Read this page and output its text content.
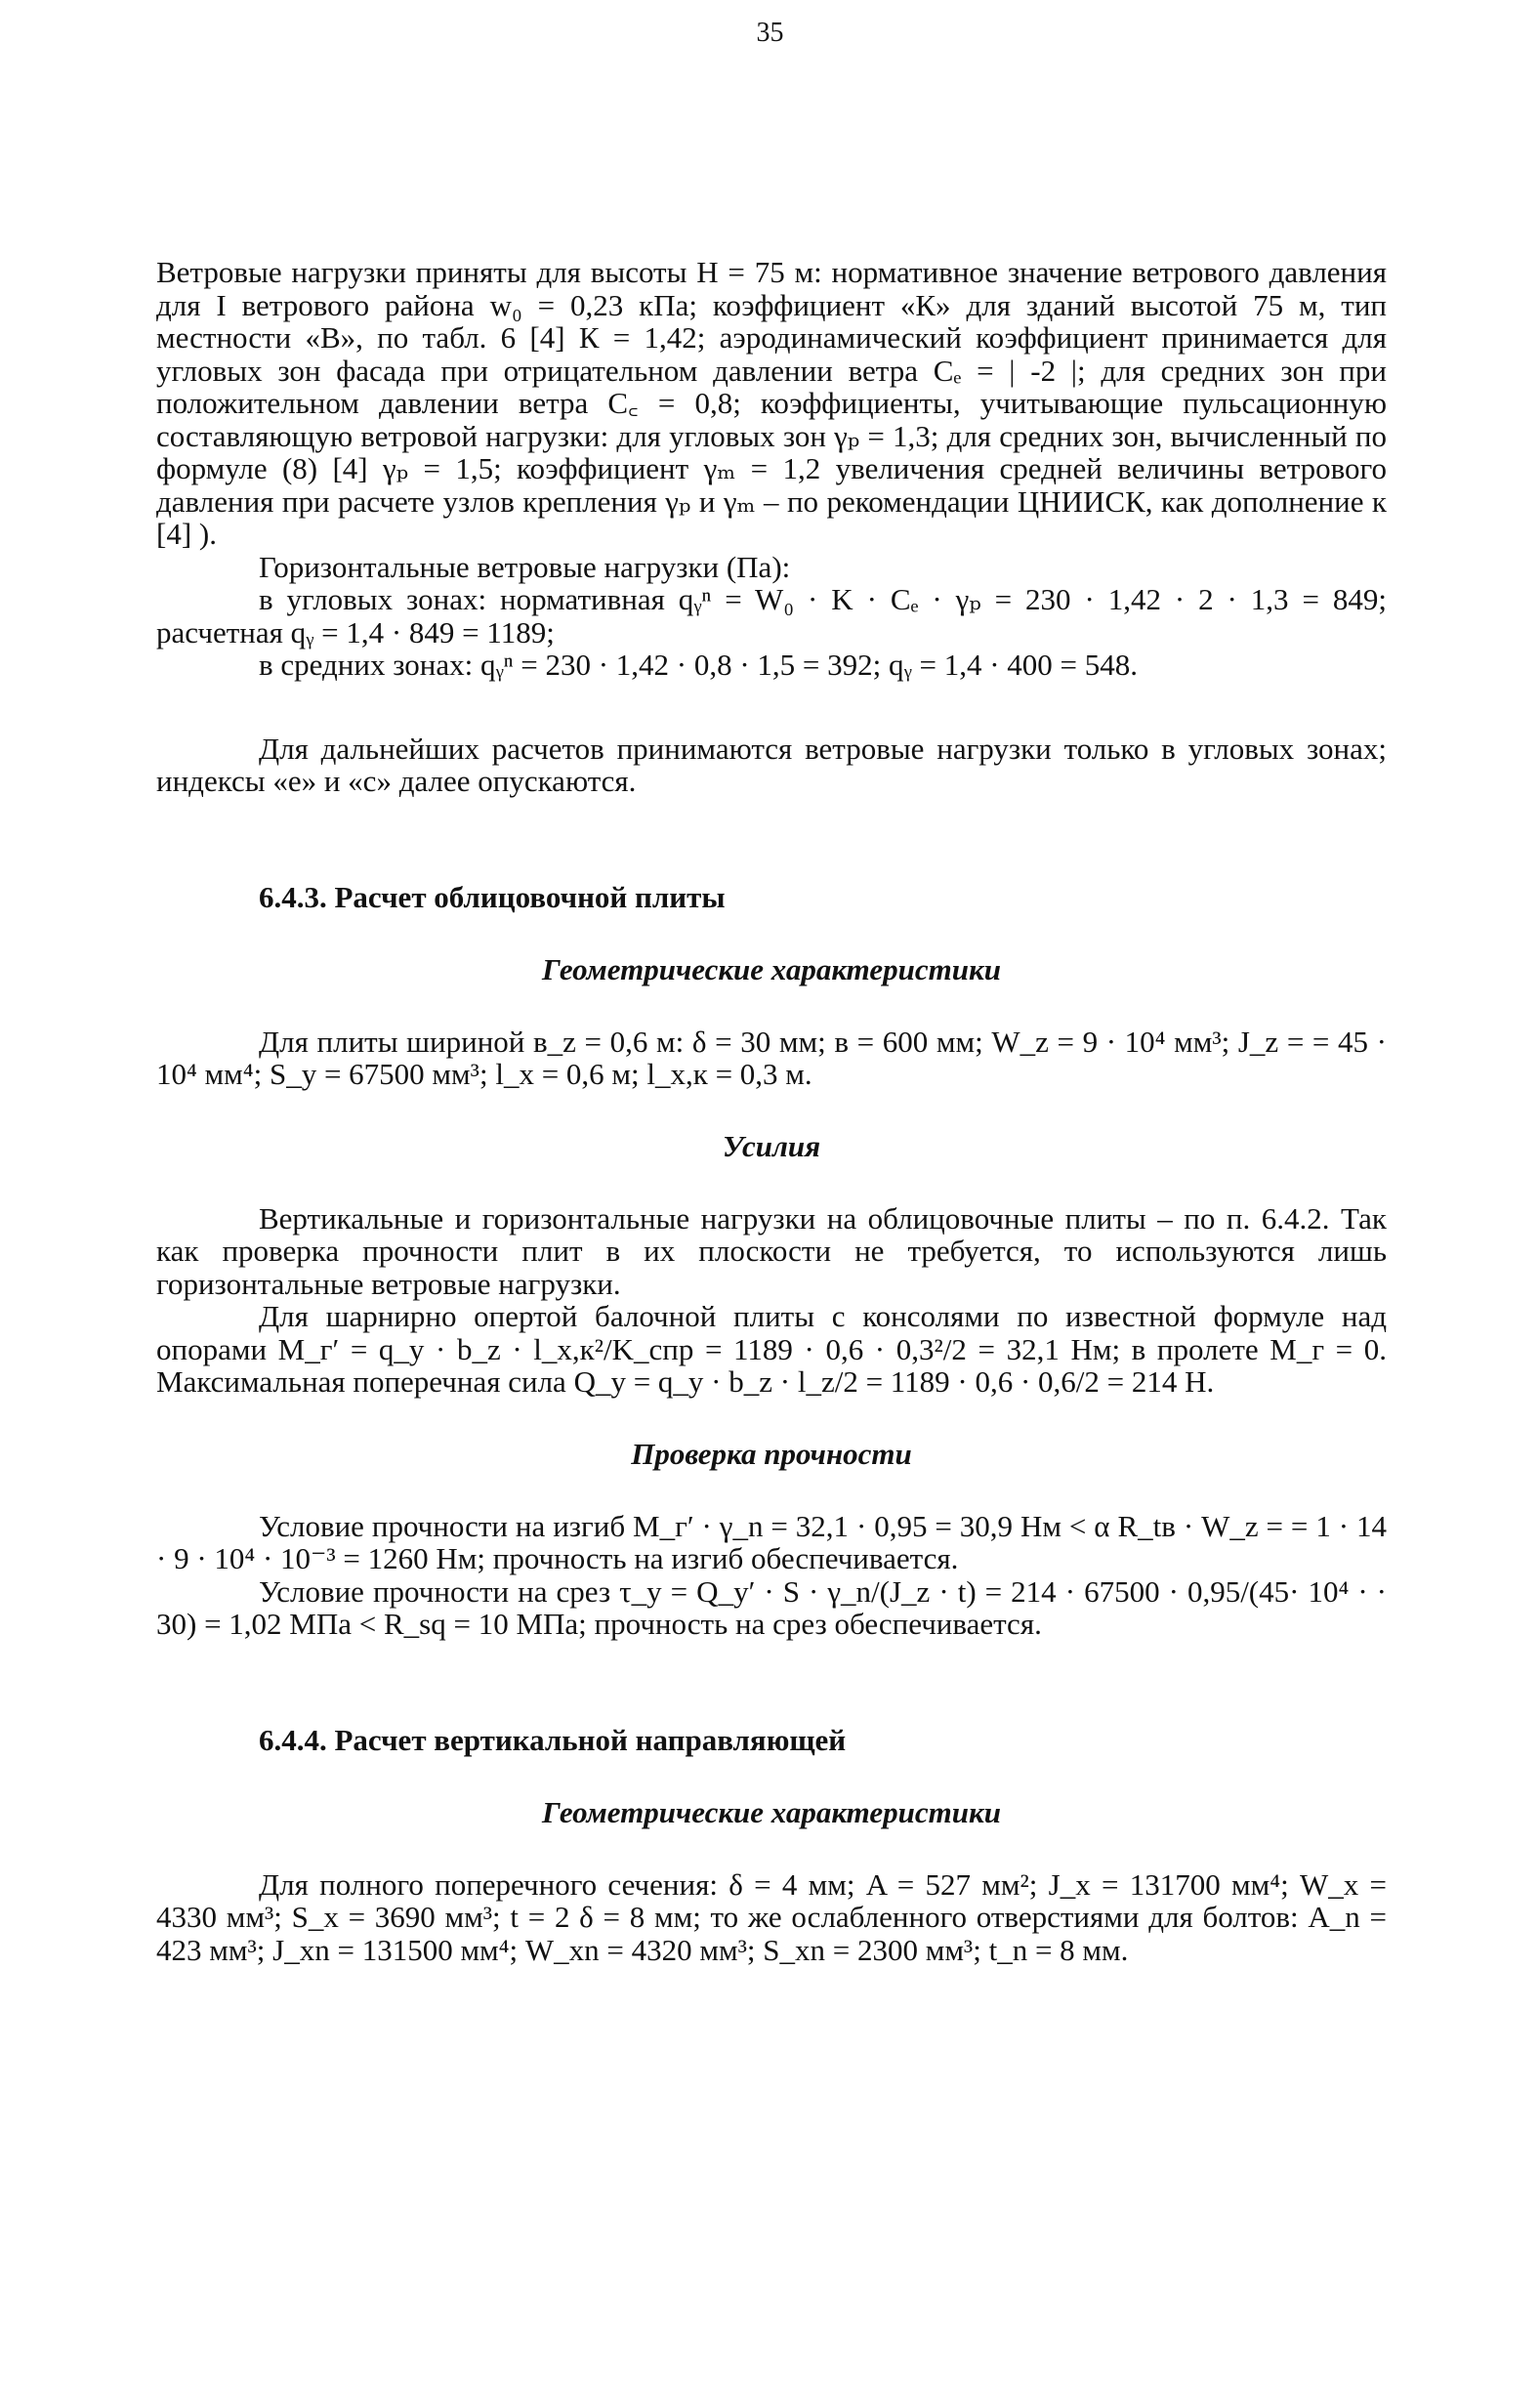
35

Ветровые нагрузки приняты для высоты Н = 75 м: нормативное значение ветрового давления для I ветрового района w₀ = 0,23 кПа; коэффициент «К» для зданий высотой 75 м, тип местности «В», по табл. 6 [4] К = 1,42; аэродинамический коэффициент принимается для угловых зон фасада при отрицательном давлении ветра Cₑ = | -2 |; для средних зон при положительном давлении ветра C꜀ = 0,8; коэффициенты, учитывающие пульсационную составляющую ветровой нагрузки: для угловых зон γₚ = 1,3; для средних зон, вычисленный по формуле (8) [4] γₚ = 1,5; коэффициент γₘ = 1,2 увеличения средней величины ветрового давления при расчете узлов крепления γₚ и γₘ – по рекомендации ЦНИИСК, как дополнение к [4] ).

Горизонтальные ветровые нагрузки (Па):

в угловых зонах: нормативная qᵧⁿ = W₀ · K · Cₑ · γₚ = 230 · 1,42 · 2 · 1,3 = 849; расчетная qᵧ = 1,4 · 849 = 1189;

в средних зонах: qᵧⁿ = 230 · 1,42 · 0,8 · 1,5 = 392; qᵧ = 1,4 · 400 = 548.

Для дальнейших расчетов принимаются ветровые нагрузки только в угловых зонах; индексы «е» и «с» далее опускаются.

6.4.3. Расчет облицовочной плиты
Геометрические характеристики

Для плиты шириной в_z = 0,6 м: δ = 30 мм; в = 600 мм; W_z = 9 · 10⁴ мм³; J_z = = 45 · 10⁴ мм⁴; S_y = 67500 мм³; l_x = 0,6 м; l_x,к = 0,3 м.

Усилия

Вертикальные и горизонтальные нагрузки на облицовочные плиты – по п. 6.4.2. Так как проверка прочности плит в их плоскости не требуется, то используются лишь горизонтальные ветровые нагрузки.

Для шарнирно опертой балочной плиты с консолями по известной формуле над опорами M_г′ = q_y · b_z · l_x,к²/K_спр = 1189 · 0,6 · 0,3²/2 = 32,1 Нм; в пролете M_г = 0. Максимальная поперечная сила Q_y = q_y · b_z · l_z/2 = 1189 · 0,6 · 0,6/2 = 214 Н.

Проверка прочности

Условие прочности на изгиб M_г′ · γ_n = 32,1 · 0,95 = 30,9 Нм < α R_tв · W_z = = 1 · 14 · 9 · 10⁴ · 10⁻³ = 1260 Нм; прочность на изгиб обеспечивается.

Условие прочности на срез τ_y = Q_y′ · S · γ_n/(J_z · t) = 214 · 67500 · 0,95/(45· 10⁴ · · 30) = 1,02 МПа < R_sq = 10 МПа; прочность на срез обеспечивается.

6.4.4. Расчет вертикальной направляющей
Геометрические характеристики

Для полного поперечного сечения: δ = 4 мм; A = 527 мм²; J_x = 131700 мм⁴; W_x = 4330 мм³; S_x = 3690 мм³; t = 2 δ = 8 мм; то же ослабленного отверстиями для болтов: A_n = 423 мм³; J_xn = 131500 мм⁴; W_xn = 4320 мм³; S_xn = 2300 мм³; t_n = 8 мм.
